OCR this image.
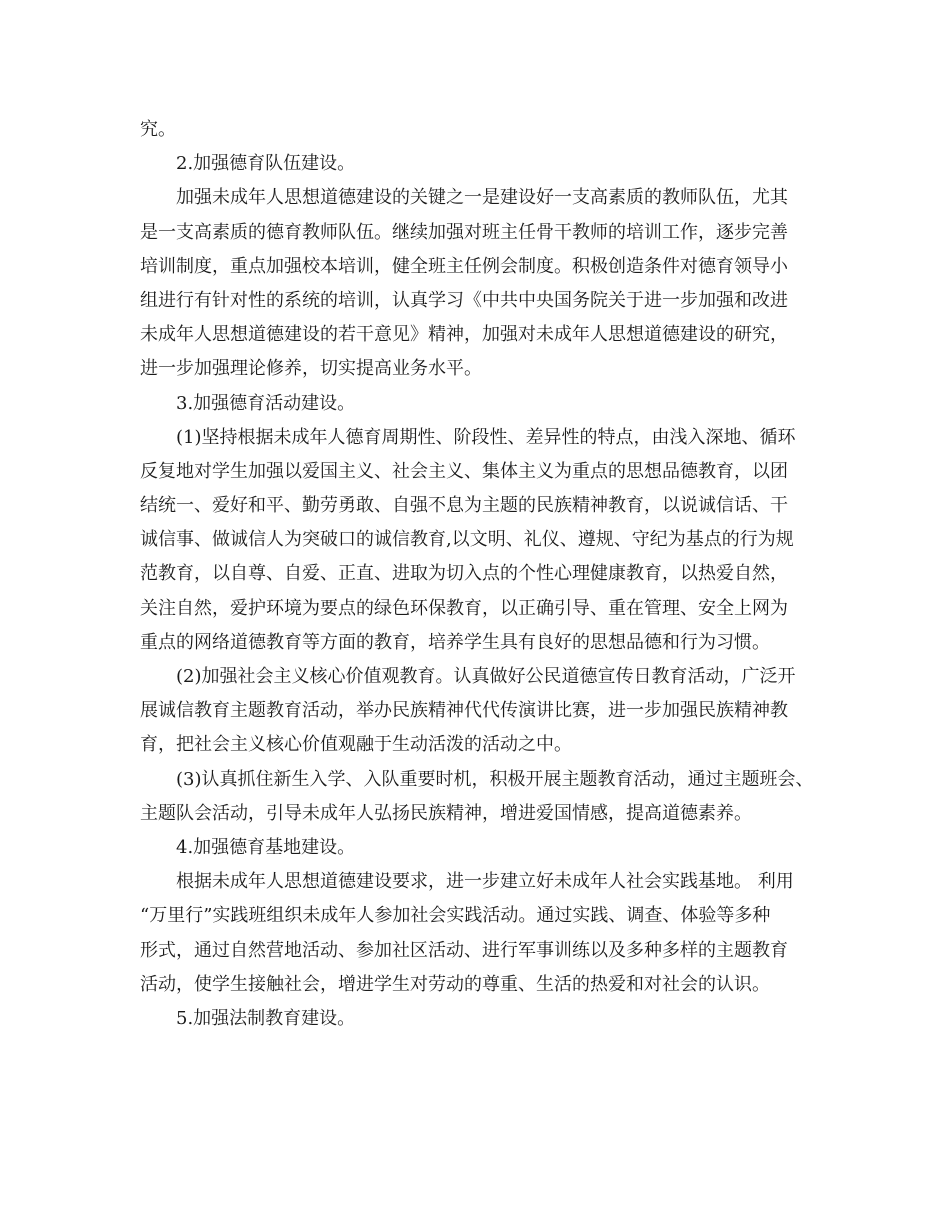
究。
2.加强德育队伍建设。
加强未成年人思想道德建设的关键之一是建设好一支高素质的教师队伍，尤其
是一支高素质的德育教师队伍。继续加强对班主任骨干教师的培训工作，逐步完善
培训制度，重点加强校本培训，健全班主任例会制度。积极创造条件对德育领导小
组进行有针对性的系统的培训，认真学习《中共中央国务院关于进一步加强和改进
未成年人思想道德建设的若干意见》精神，加强对未成年人思想道德建设的研究，
进一步加强理论修养，切实提高业务水平。
3.加强德育活动建设。
(1)坚持根据未成年人德育周期性、阶段性、差异性的特点，由浅入深地、循环
反复地对学生加强以爱国主义、社会主义、集体主义为重点的思想品德教育，以团
结统一、爱好和平、勤劳勇敢、自强不息为主题的民族精神教育，以说诚信话、干
诚信事、做诚信人为突破口的诚信教育,以文明、礼仪、遵规、守纪为基点的行为规
范教育，以自尊、自爱、正直、进取为切入点的个性心理健康教育，以热爱自然，
关注自然，爱护环境为要点的绿色环保教育，以正确引导、重在管理、安全上网为
重点的网络道德教育等方面的教育，培养学生具有良好的思想品德和行为习惯。
(2)加强社会主义核心价值观教育。认真做好公民道德宣传日教育活动，广泛开
展诚信教育主题教育活动，举办民族精神代代传演讲比赛，进一步加强民族精神教
育，把社会主义核心价值观融于生动活泼的活动之中。
(3)认真抓住新生入学、入队重要时机，积极开展主题教育活动，通过主题班会、
主题队会活动，引导未成年人弘扬民族精神，增进爱国情感，提高道德素养。
4.加强德育基地建设。
根据未成年人思想道德建设要求，进一步建立好未成年人社会实践基地。 利用
“万里行”实践班组织未成年人参加社会实践活动。通过实践、调查、体验等多种
形式，通过自然营地活动、参加社区活动、进行军事训练以及多种多样的主题教育
活动，使学生接触社会，增进学生对劳动的尊重、生活的热爱和对社会的认识。
5.加强法制教育建设。
